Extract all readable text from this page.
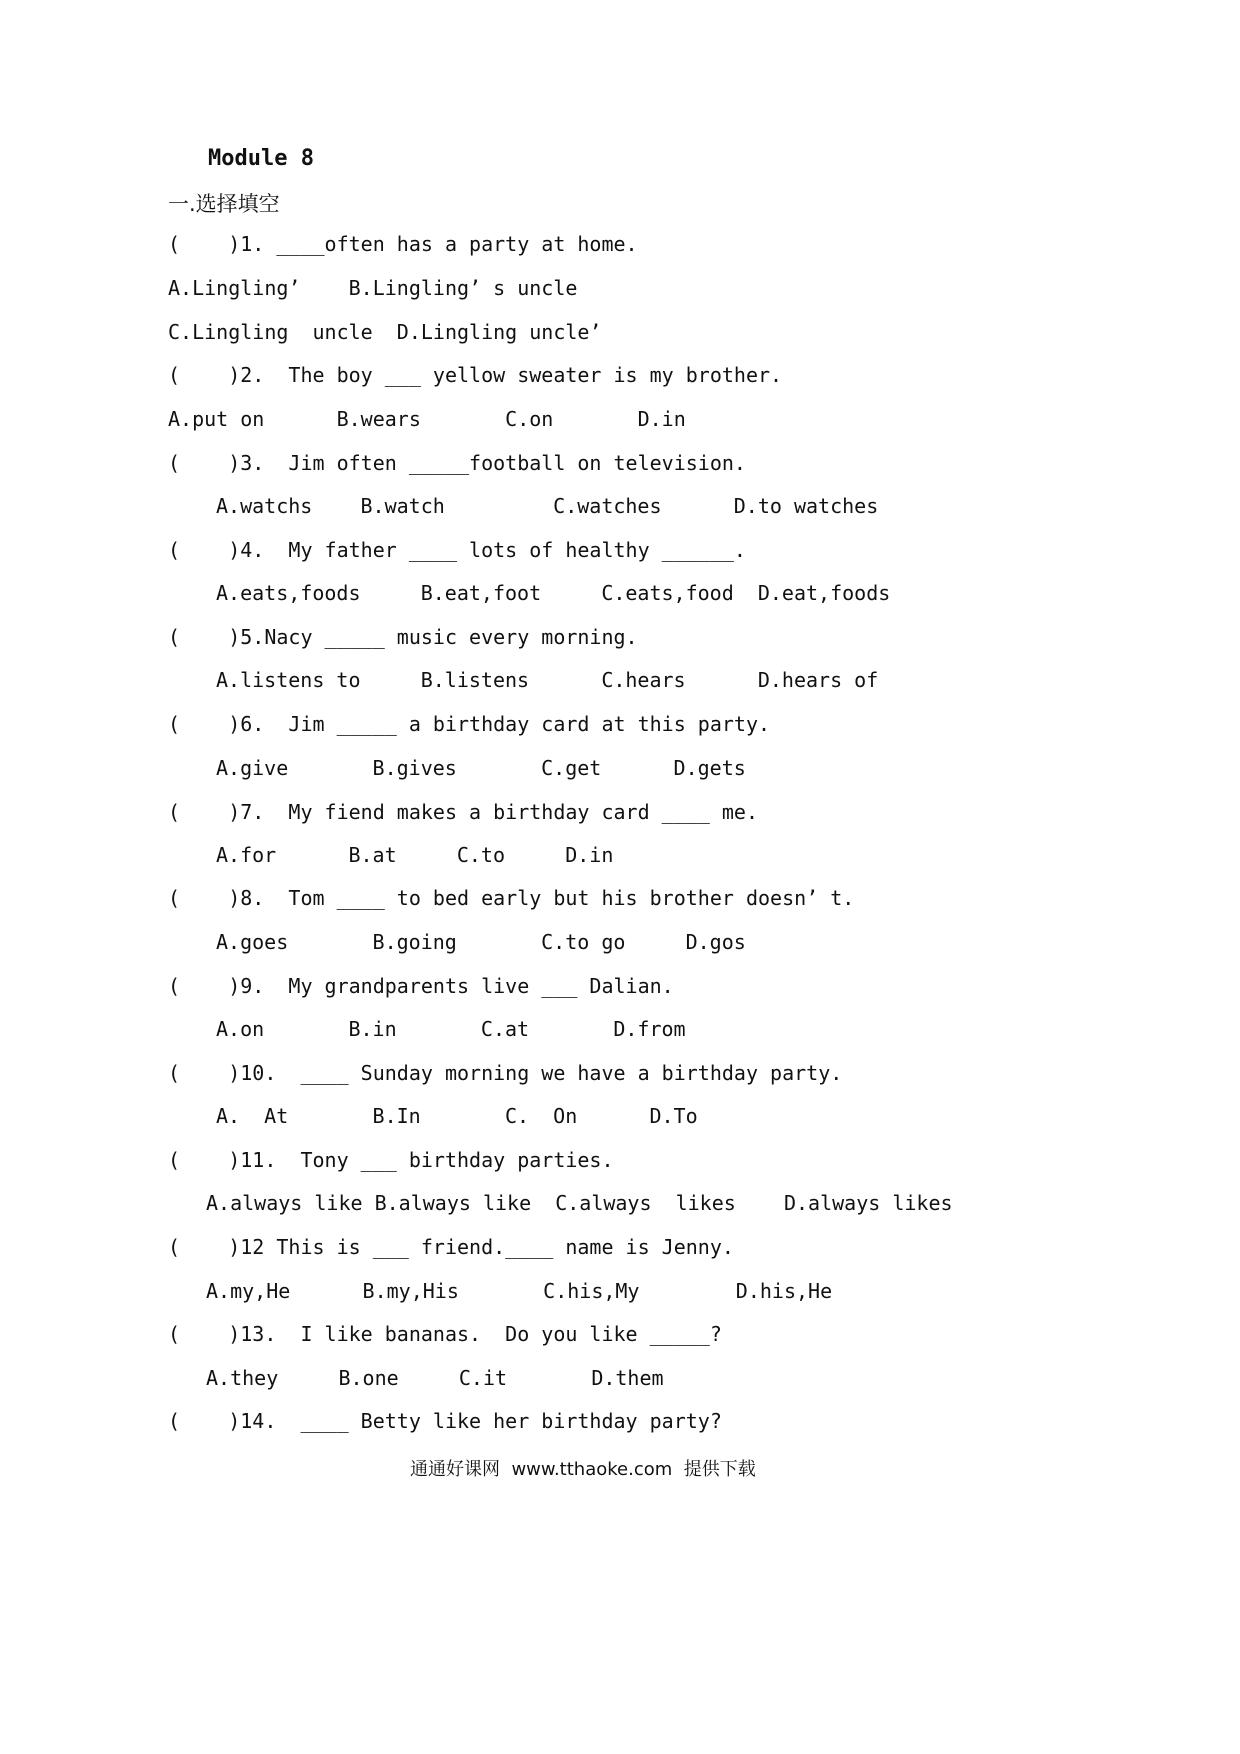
Module 8
一.选择填空
(    )1. ____often has a party at home.
A.Lingling’    B.Lingling’ s uncle
C.Lingling  uncle  D.Lingling uncle’
(    )2.  The boy ___ yellow sweater is my brother.
A.put on      B.wears       C.on       D.in
(    )3.  Jim often _____football on television.
A.watchs    B.watch         C.watches      D.to watches
(    )4.  My father ____ lots of healthy ______.
A.eats,foods     B.eat,foot     C.eats,food  D.eat,foods
(    )5.Nacy _____ music every morning.
A.listens to     B.listens      C.hears      D.hears of
(    )6.  Jim _____ a birthday card at this party.
A.give       B.gives       C.get      D.gets
(    )7.  My fiend makes a birthday card ____ me.
A.for      B.at     C.to     D.in
(    )8.  Tom ____ to bed early but his brother doesn’ t.
A.goes       B.going       C.to go     D.gos
(    )9.  My grandparents live ___ Dalian.
A.on       B.in       C.at       D.from
(    )10.  ____ Sunday morning we have a birthday party.
A.  At       B.In       C.  On      D.To
(    )11.  Tony ___ birthday parties.
A.always like B.always like  C.always  likes    D.always likes
(    )12 This is ___ friend.____ name is Jenny.
A.my,He      B.my,His       C.his,My        D.his,He
(    )13.  I like bananas.  Do you like _____?
A.they     B.one     C.it       D.them
(    )14.  ____ Betty like her birthday party?
通通好课网  www.tthaoke.com  提供下载
